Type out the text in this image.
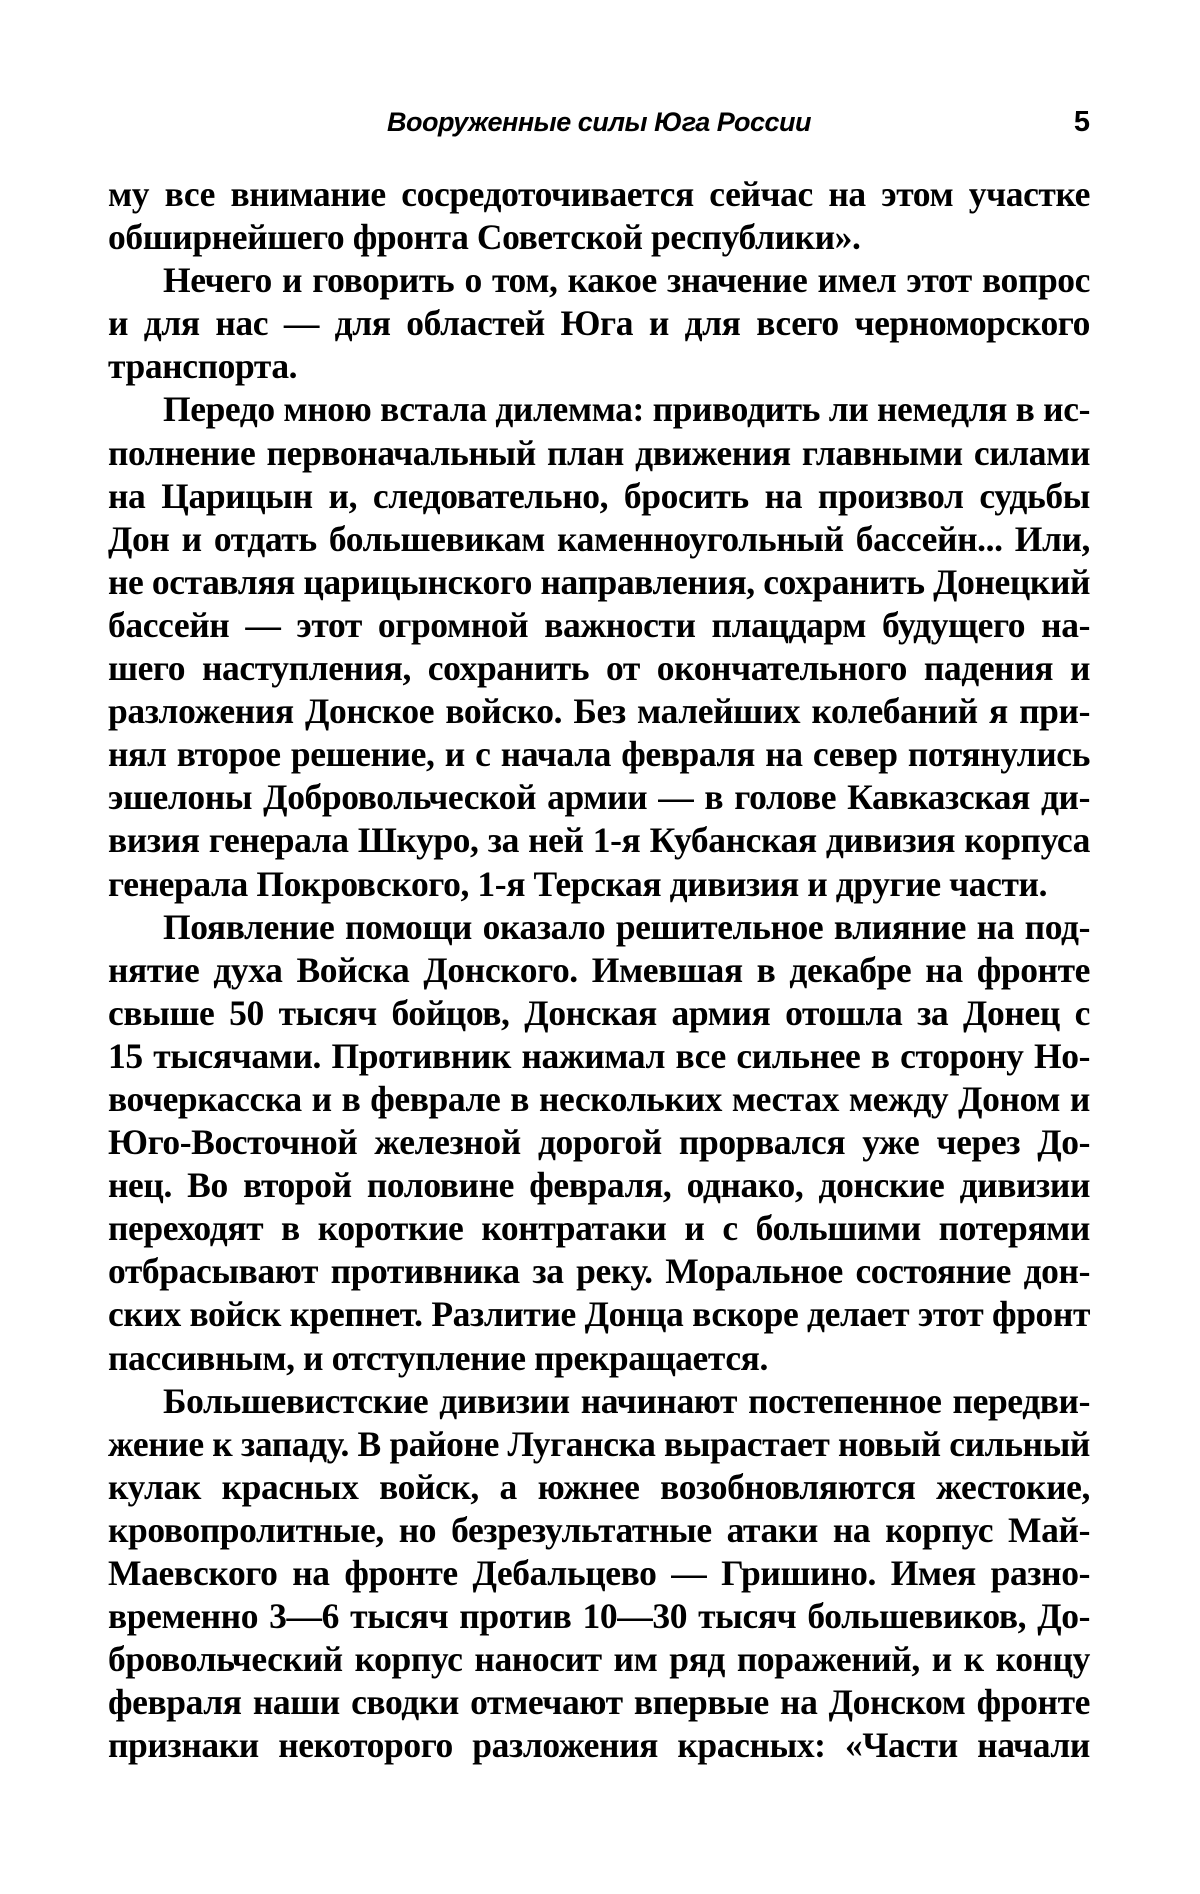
Вооруженные силы Юга России	5
му все внимание сосредоточивается сейчас на этом участке
обширнейшего фронта Советской республики».
Нечего и говорить о том, какое значение имел этот вопрос
и для нас — для областей Юга и для всего черноморского
транспорта.
Передо мною встала дилемма: приводить ли немедля в ис-
полнение первоначальный план движения главными силами
на Царицын и, следовательно, бросить на произвол судьбы
Дон и отдать большевикам каменноугольный бассейн... Или,
не оставляя царицынского направления, сохранить Донецкий
бассейн — этот огромной важности плацдарм будущего на-
шего наступления, сохранить от окончательного падения и
разложения Донское войско. Без малейших колебаний я при-
нял второе решение, и с начала февраля на север потянулись
эшелоны Добровольческой армии — в голове Кавказская ди-
визия генерала Шкуро, за ней 1-я Кубанская дивизия корпуса
генерала Покровского, 1-я Терская дивизия и другие части.
Появление помощи оказало решительное влияние на под-
нятие духа Войска Донского. Имевшая в декабре на фронте
свыше 50 тысяч бойцов, Донская армия отошла за Донец с
15 тысячами. Противник нажимал все сильнее в сторону Но-
вочеркасска и в феврале в нескольких местах между Доном и
Юго-Восточной железной дорогой прорвался уже через До-
нец. Во второй половине февраля, однако, донские дивизии
переходят в короткие контратаки и с большими потерями
отбрасывают противника за реку. Моральное состояние дон-
ских войск крепнет. Разлитие Донца вскоре делает этот фронт
пассивным, и отступление прекращается.
Большевистские дивизии начинают постепенное передви-
жение к западу. В районе Луганска вырастает новый сильный
кулак красных войск, а южнее возобновляются жестокие,
кровопролитные, но безрезультатные атаки на корпус Май-
Маевского на фронте Дебальцево — Гришино. Имея разно-
временно 3—6 тысяч против 10—30 тысяч большевиков, До-
бровольческий корпус наносит им ряд поражений, и к концу
февраля наши сводки отмечают впервые на Донском фронте
признаки некоторого разложения красных: «Части начали
